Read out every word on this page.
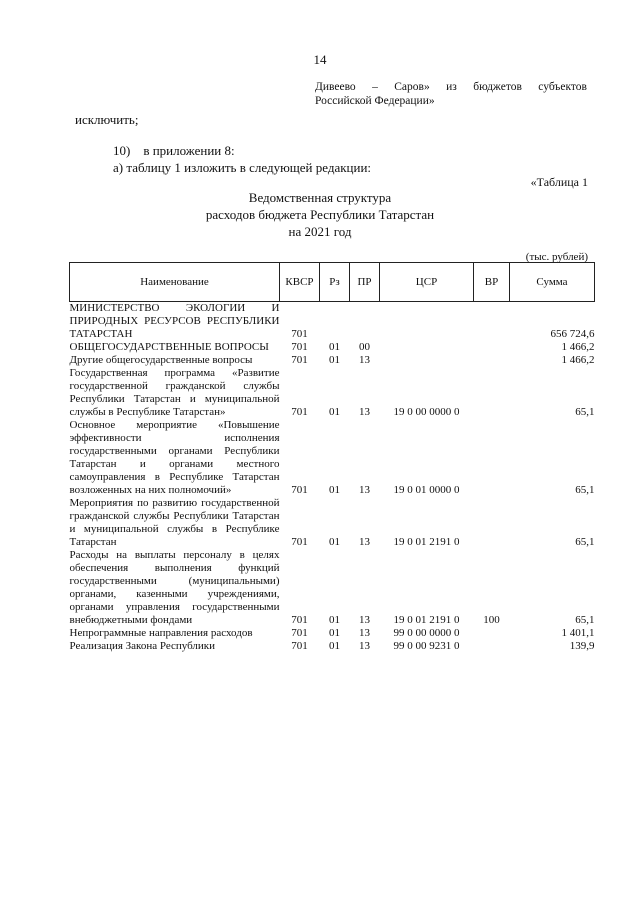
14
Дивеево – Саров» из бюджетов субъектов
Российской Федерации»
исключить;
10)    в приложении 8:
а) таблицу 1 изложить в следующей редакции:
«Таблица 1
Ведомственная структура
расходов бюджета Республики Татарстан
на 2021 год
(тыс. рублей)
Наименование	КВСР	Рз	ПР	ЦСР	ВР	Сумма
МИНИСТЕРСТВО ЭКОЛОГИИ И ПРИРОДНЫХ РЕСУРСОВ РЕСПУБЛИКИ ТАТАРСТАН	701					656 724,6
ОБЩЕГОСУДАРСТВЕННЫЕ ВОПРОСЫ	701	01	00			1 466,2
Другие общегосударственные вопросы	701	01	13			1 466,2
Государственная программа «Развитие государственной гражданской службы Республики Татарстан и муниципальной службы в Республике Татарстан»	701	01	13	19 0 00 0000 0		65,1
Основное мероприятие «Повышение эффективности исполнения государственными органами Республики Татарстан и органами местного самоуправления в Республике Татарстан возложенных на них полномочий»	701	01	13	19 0 01 0000 0		65,1
Мероприятия по развитию государственной гражданской службы Республики Татарстан и муниципальной службы в Республике Татарстан	701	01	13	19 0 01 2191 0		65,1
Расходы на выплаты персоналу в целях обеспечения выполнения функций государственными (муниципальными) органами, казенными учреждениями, органами управления государственными внебюджетными фондами	701	01	13	19 0 01 2191 0	100	65,1
Непрограммные направления расходов	701	01	13	99 0 00 0000 0		1 401,1
Реализация Закона Республики	701	01	13	99 0 00 9231 0		139,9
